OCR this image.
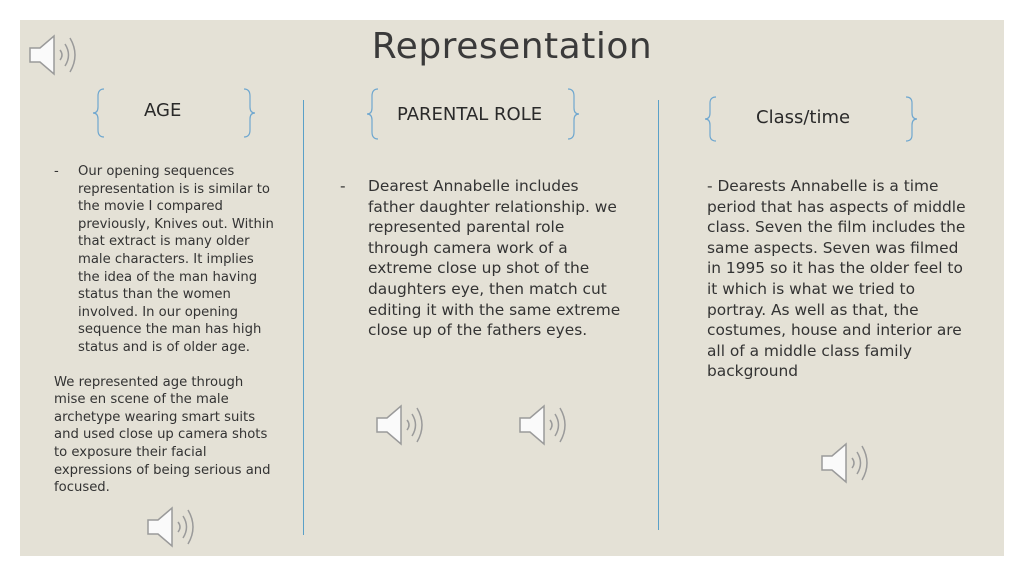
Representation
AGE	PARENTAL ROLE	Class/time
-	Our opening sequences representation is is similar to the movie I compared previously, Knives out. Within that extract is many older male characters. It implies the idea of the man having status than the women involved. In our opening sequence the man has high status and is of older age.

We represented age through mise en scene of the male archetype wearing smart suits and used close up camera shots to exposure their facial expressions of being serious and focused.

-	Dearest Annabelle includes father daughter relationship. we represented parental role through camera work of a extreme close up shot of the daughters eye, then match cut editing it with the same extreme close up of the fathers eyes.

- Dearests Annabelle is a time period that has aspects of middle class. Seven the film includes the same aspects. Seven was filmed in 1995 so it has the older feel to it which is what we tried to portray. As well as that, the costumes, house and interior are all of a middle class family background
